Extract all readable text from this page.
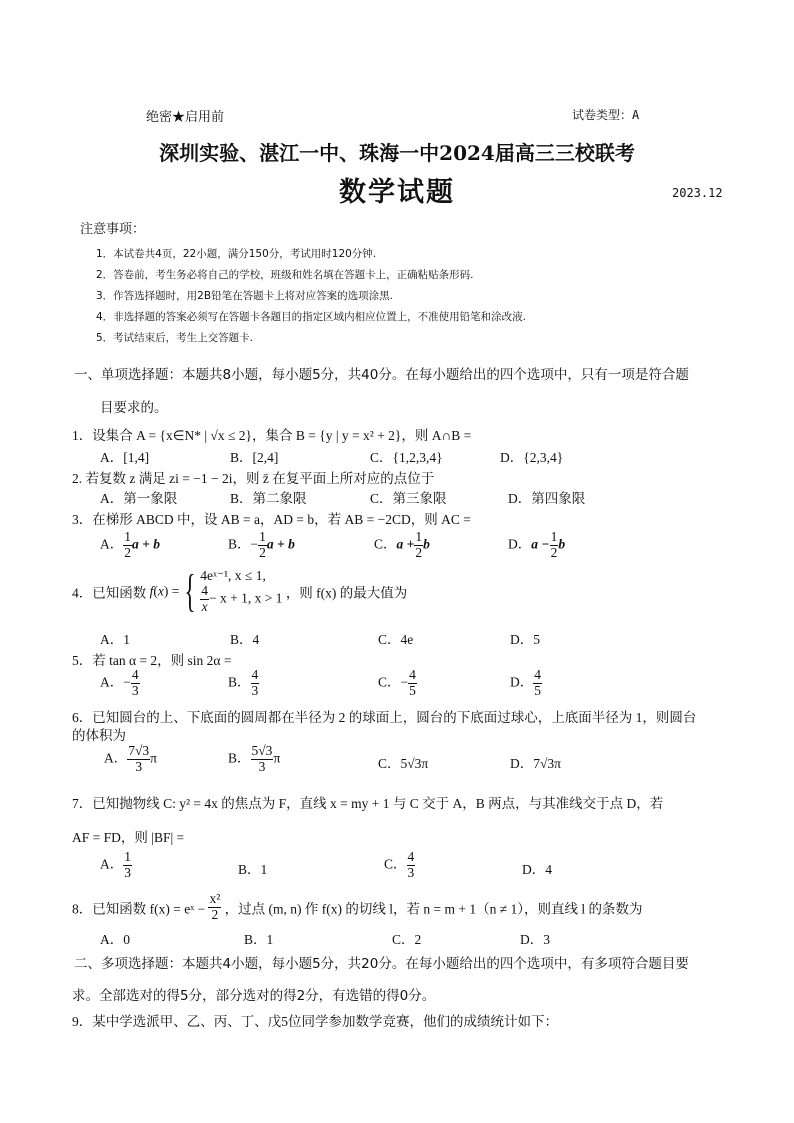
绝密★启用前	试卷类型：A
深圳实验、湛江一中、珠海一中2024届高三三校联考
数学试题	2023.12
注意事项：
1．本试卷共4页，22小题，满分150分，考试用时120分钟.
2．答卷前，考生务必将自己的学校，班级和姓名填在答题卡上，正确粘贴条形码.
3．作答选择题时，用2B铅笔在答题卡上将对应答案的选项涂黑.
4．非选择题的答案必须写在答题卡各题目的指定区域内相应位置上，不准使用铅笔和涂改液.
5．考试结束后，考生上交答题卡.
一、单项选择题：本题共8小题，每小题5分，共40分。在每小题给出的四个选项中，只有一项是符合题
目要求的。
1．设集合 A = {x∈N* | √x ≤ 2}，集合 B = {y | y = x² + 2}，则 A∩B =
A．[1,4]	B．[2,4]	C．{1,2,3,4}	D．{2,3,4}
2. 若复数 z 满足 zi = −1 − 2i，则 z̄ 在复平面上所对应的点位于
A．第一象限	B．第二象限	C．第三象限	D．第四象限
3．在梯形 ABCD 中，设 AB = a，AD = b，若 AB = −2CD，则 AC =
A． $\frac{1}{2}$ a + b	B．− $\frac{1}{2}$ a + b	C．$a + \frac{1}{2}$ b	D．$a - \frac{1}{2}$ b
4．已知函数 f(x) = { 4eˣ⁻¹, x ≤ 1,
$\frac{4}{x} - x + 1$, x > 1 ，则 f(x) 的最大值为
A．1	B．4	C．4e	D．5
5．若 tan α = 2，则 sin 2α =
A．− $\frac{4}{3}$	B． $\frac{4}{3}$	C．− $\frac{4}{5}$	D． $\frac{4}{5}$
6．已知圆台的上、下底面的圆周都在半径为 2 的球面上，圆台的下底面过球心，上底面半径为 1，则圆台
的体积为
A． $\frac{7√3}{3}$ π	B． $\frac{5√3}{3}$ π	C．5√3π	D．7√3π
7．已知抛物线 C: y² = 4x 的焦点为 F，直线 x = my + 1 与 C 交于 A，B 两点，与其准线交于点 D，若
AF = FD，则 |BF| =
A． $\frac{1}{3}$	B．1	C． $\frac{4}{3}$	D．4
8．已知函数 f(x) = eˣ − $\frac{\text{x²}}{2}$ ，过点 (m, n) 作 f(x) 的切线 l，若 n = m + 1（n ≠ 1），则直线 l 的条数为
A．0	B．1	C．2	D．3
二、多项选择题：本题共4小题，每小题5分，共20分。在每小题给出的四个选项中，有多项符合题目要
求。全部选对的得5分，部分选对的得2分，有选错的得0分。
9．某中学选派甲、乙、丙、丁、戊5位同学参加数学竞赛，他们的成绩统计如下：
